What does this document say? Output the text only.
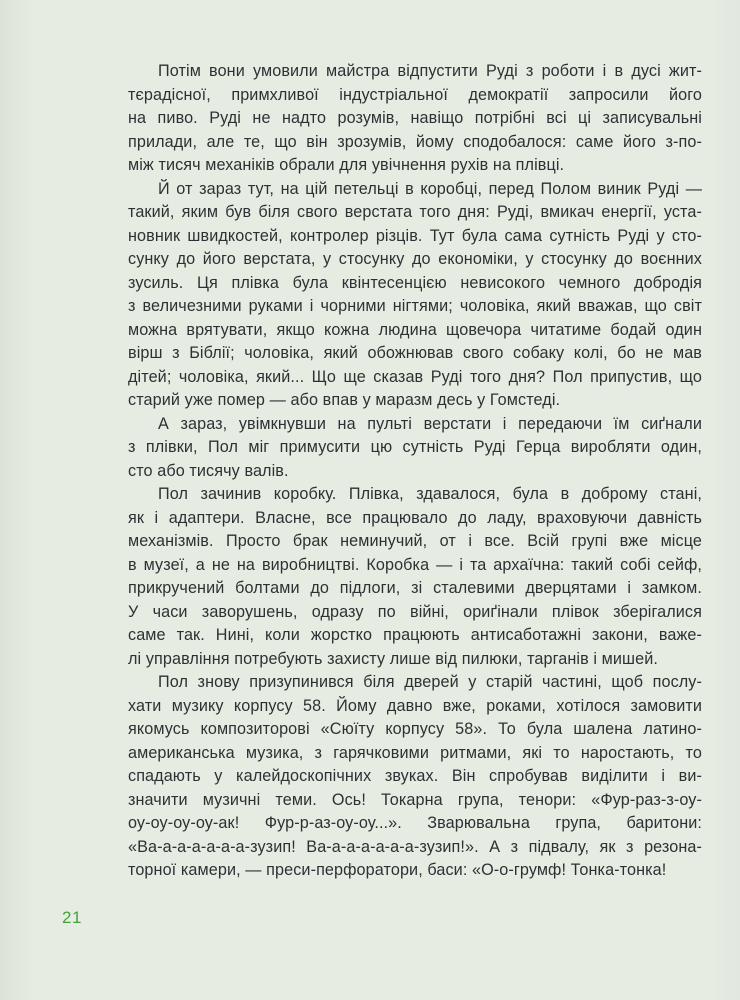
Потім вони умовили майстра відпустити Руді з роботи і в дусі жит-
тєрадісної, примхливої індустріальної демократії запросили його
на пиво. Руді не надто розумів, навіщо потрібні всі ці записувальні
прилади, але те, що він зрозумів, йому сподобалося: саме його з-по-
між тисяч механіків обрали для увічнення рухів на плівці.
Й от зараз тут, на цій петельці в коробці, перед Полом виник Руді —
такий, яким був біля свого верстата того дня: Руді, вмикач енергії, уста-
новник швидкостей, контролер різців. Тут була сама сутність Руді у сто-
сунку до його верстата, у стосунку до економіки, у стосунку до воєнних
зусиль. Ця плівка була квінтесенцією невисокого чемного добродія
з величезними руками і чорними нігтями; чоловіка, який вважав, що світ
можна врятувати, якщо кожна людина щовечора читатиме бодай один
вірш з Біблії; чоловіка, який обожнював свого собаку колі, бо не мав
дітей; чоловіка, який... Що ще сказав Руді того дня? Пол припустив, що
старий уже помер — або впав у маразм десь у Гомстеді.
А зараз, увімкнувши на пульті верстати і передаючи їм сиґнали
з плівки, Пол міг примусити цю сутність Руді Герца виробляти один,
сто або тисячу валів.
Пол зачинив коробку. Плівка, здавалося, була в доброму стані,
як і адаптери. Власне, все працювало до ладу, враховуючи давність
механізмів. Просто брак неминучий, от і все. Всій групі вже місце
в музеї, а не на виробництві. Коробка — і та архаїчна: такий собі сейф,
прикручений болтами до підлоги, зі сталевими дверцятами і замком.
У часи заворушень, одразу по війні, ориґінали плівок зберігалися
саме так. Нині, коли жорстко працюють антисаботажні закони, важе-
лі управління потребують захисту лише від пилюки, тарганів і мишей.
Пол знову призупинився біля дверей у старій частині, щоб послу-
хати музику корпусу 58. Йому давно вже, роками, хотілося замовити
якомусь композиторові «Сюїту корпусу 58». То була шалена латино-
американська музика, з гарячковими ритмами, які то наростають, то
спадають у калейдоскопічних звуках. Він спробував виділити і ви-
значити музичні теми. Ось! Токарна група, тенори: «Фур-раз-з-оу-
оу-оу-оу-оу-ак! Фур-р-аз-оу-оу...». Зварювальна група, баритони:
«Ва-а-а-а-а-а-а-зузип! Ва-а-а-а-а-а-а-зузип!». А з підвалу, як з резона-
торної камери, — преси-перфоратори, баси: «О-о-грумф! Тонка-тонка!
21
